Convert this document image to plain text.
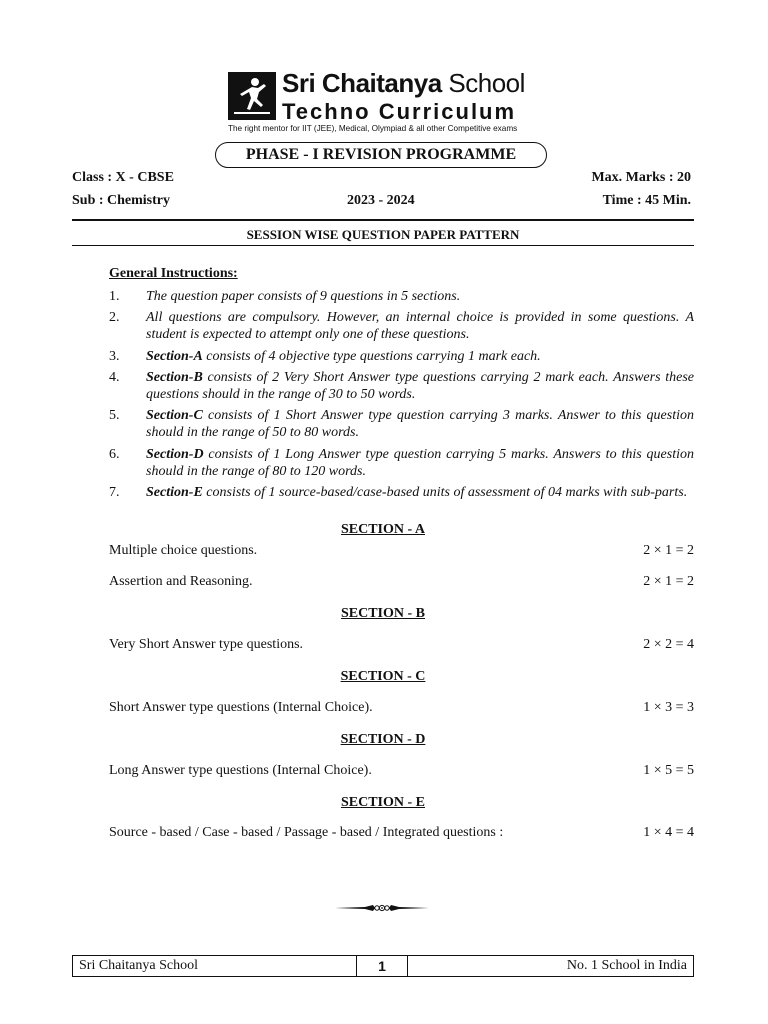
Sri Chaitanya School
Techno Curriculum
The right mentor for IIT (JEE), Medical, Olympiad & all other Competitive exams
PHASE - I REVISION PROGRAMME
Class : X - CBSE	Max. Marks : 20
Sub : Chemistry	2023 - 2024	Time : 45 Min.
SESSION WISE QUESTION PAPER PATTERN
General Instructions:
1. The question paper consists of 9 questions in 5 sections.
2. All questions are compulsory. However, an internal choice is provided in some questions. A student is expected to attempt only one of these questions.
3. Section-A consists of 4 objective type questions carrying 1 mark each.
4. Section-B consists of 2 Very Short Answer type questions carrying 2 mark each. Answers these questions should in the range of 30 to 50 words.
5. Section-C consists of 1 Short Answer type question carrying 3 marks. Answer to this question should in the range of 50 to 80 words.
6. Section-D consists of 1 Long Answer type question carrying 5 marks. Answers to this question should in the range of 80 to 120 words.
7. Section-E consists of 1 source-based/case-based units of assessment of 04 marks with sub-parts.
SECTION - A
Multiple choice questions.	2 × 1 = 2
Assertion and Reasoning.	2 × 1 = 2
SECTION - B
Very Short Answer type questions.	2 × 2 = 4
SECTION - C
Short Answer type questions (Internal Choice).	1 × 3 = 3
SECTION - D
Long Answer type questions (Internal Choice).	1 × 5 = 5
SECTION - E
Source - based / Case - based / Passage - based / Integrated questions :	1 × 4 = 4
Sri Chaitanya School	1	No. 1 School in India
